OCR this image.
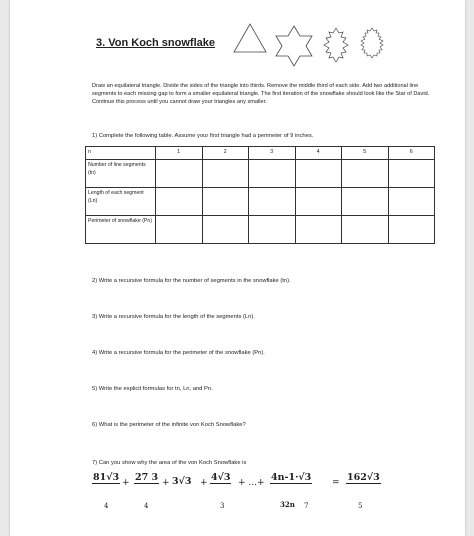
3. Von Koch snowflake

Draw an equilateral triangle. Divide the sides of the triangle into thirds. Remove the middle third of each side. Add two additional line segments to each missing gap to form a smaller equilateral triangle. The first iteration of the snowflake should look like the Star of David. Continue this process until you cannot draw your triangles any smaller.

1) Complete the following table. Assume your first triangle had a perimeter of 9 inches.

n	1	2	3	4	5	6
Number of line segments (tn)						
Length of each segment (Ln)						
Perimeter of snowflake (Pn)						

2) Write a recursive formula for the number of segments in the snowflake (tn).

3) Write a recursive formula for the length of the segments (Ln).

4) Write a recursive formula for the perimeter of the snowflake (Pn).

5) Write the explicit formulas for tn, Ln, and Pn.

6) What is the perimeter of the infinite von Koch Snowflake?

7) Can you show why the area of the von Koch Snowflake is

81√3 + 27 3 + 3√3 + 4√3 + ...+ 4n-1·√3 = 162√3
4	4	3	32n 7	5
